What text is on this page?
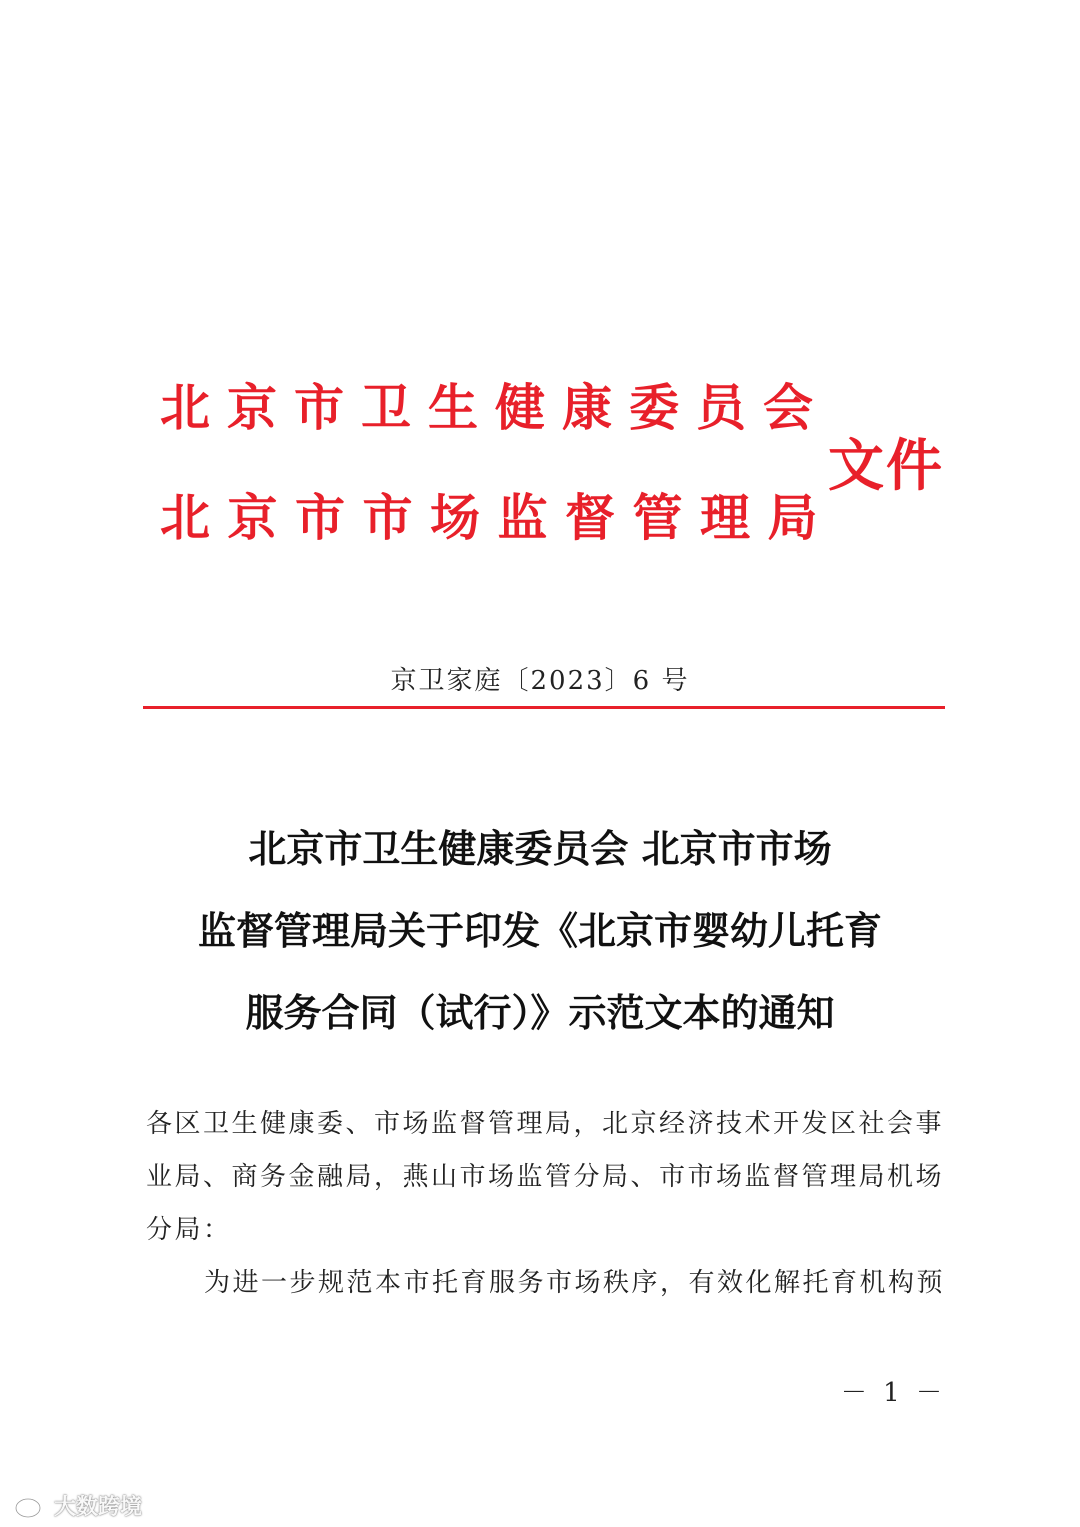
北京市卫生健康委员会
北京市市场监督管理局
文件
京卫家庭〔2023〕6 号
北京市卫生健康委员会 北京市市场
监督管理局关于印发《北京市婴幼儿托育
服务合同（试行）》示范文本的通知

各区卫生健康委、市场监督管理局，北京经济技术开发区社会事业局、商务金融局，燕山市场监管分局、市市场监督管理局机场分局：

为进一步规范本市托育服务市场秩序，有效化解托育机构预

－ 1 －
大数跨境
